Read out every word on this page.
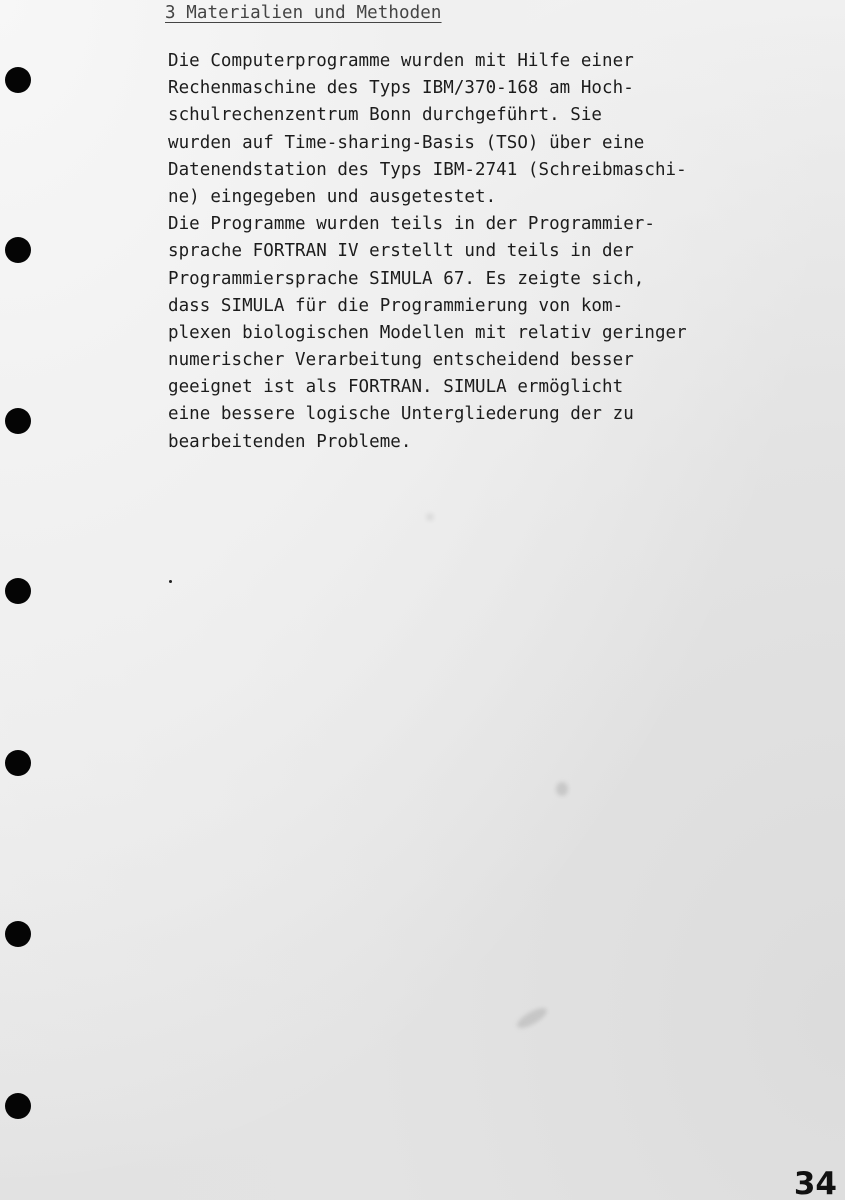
3 Materialien und Methoden
Die Computerprogramme wurden mit Hilfe einer
Rechenmaschine des Typs IBM/370-168 am Hoch-
schulrechenzentrum Bonn durchgeführt. Sie
wurden auf Time-sharing-Basis (TSO) über eine
Datenendstation des Typs IBM-2741 (Schreibmaschi-
ne) eingegeben und ausgetestet.
Die Programme wurden teils in der Programmier-
sprache FORTRAN IV erstellt und teils in der
Programmiersprache SIMULA 67. Es zeigte sich,
dass SIMULA für die Programmierung von kom-
plexen biologischen Modellen mit relativ geringer
numerischer Verarbeitung entscheidend besser
geeignet ist als FORTRAN. SIMULA ermöglicht
eine bessere logische Untergliederung der zu
bearbeitenden Probleme.
34
